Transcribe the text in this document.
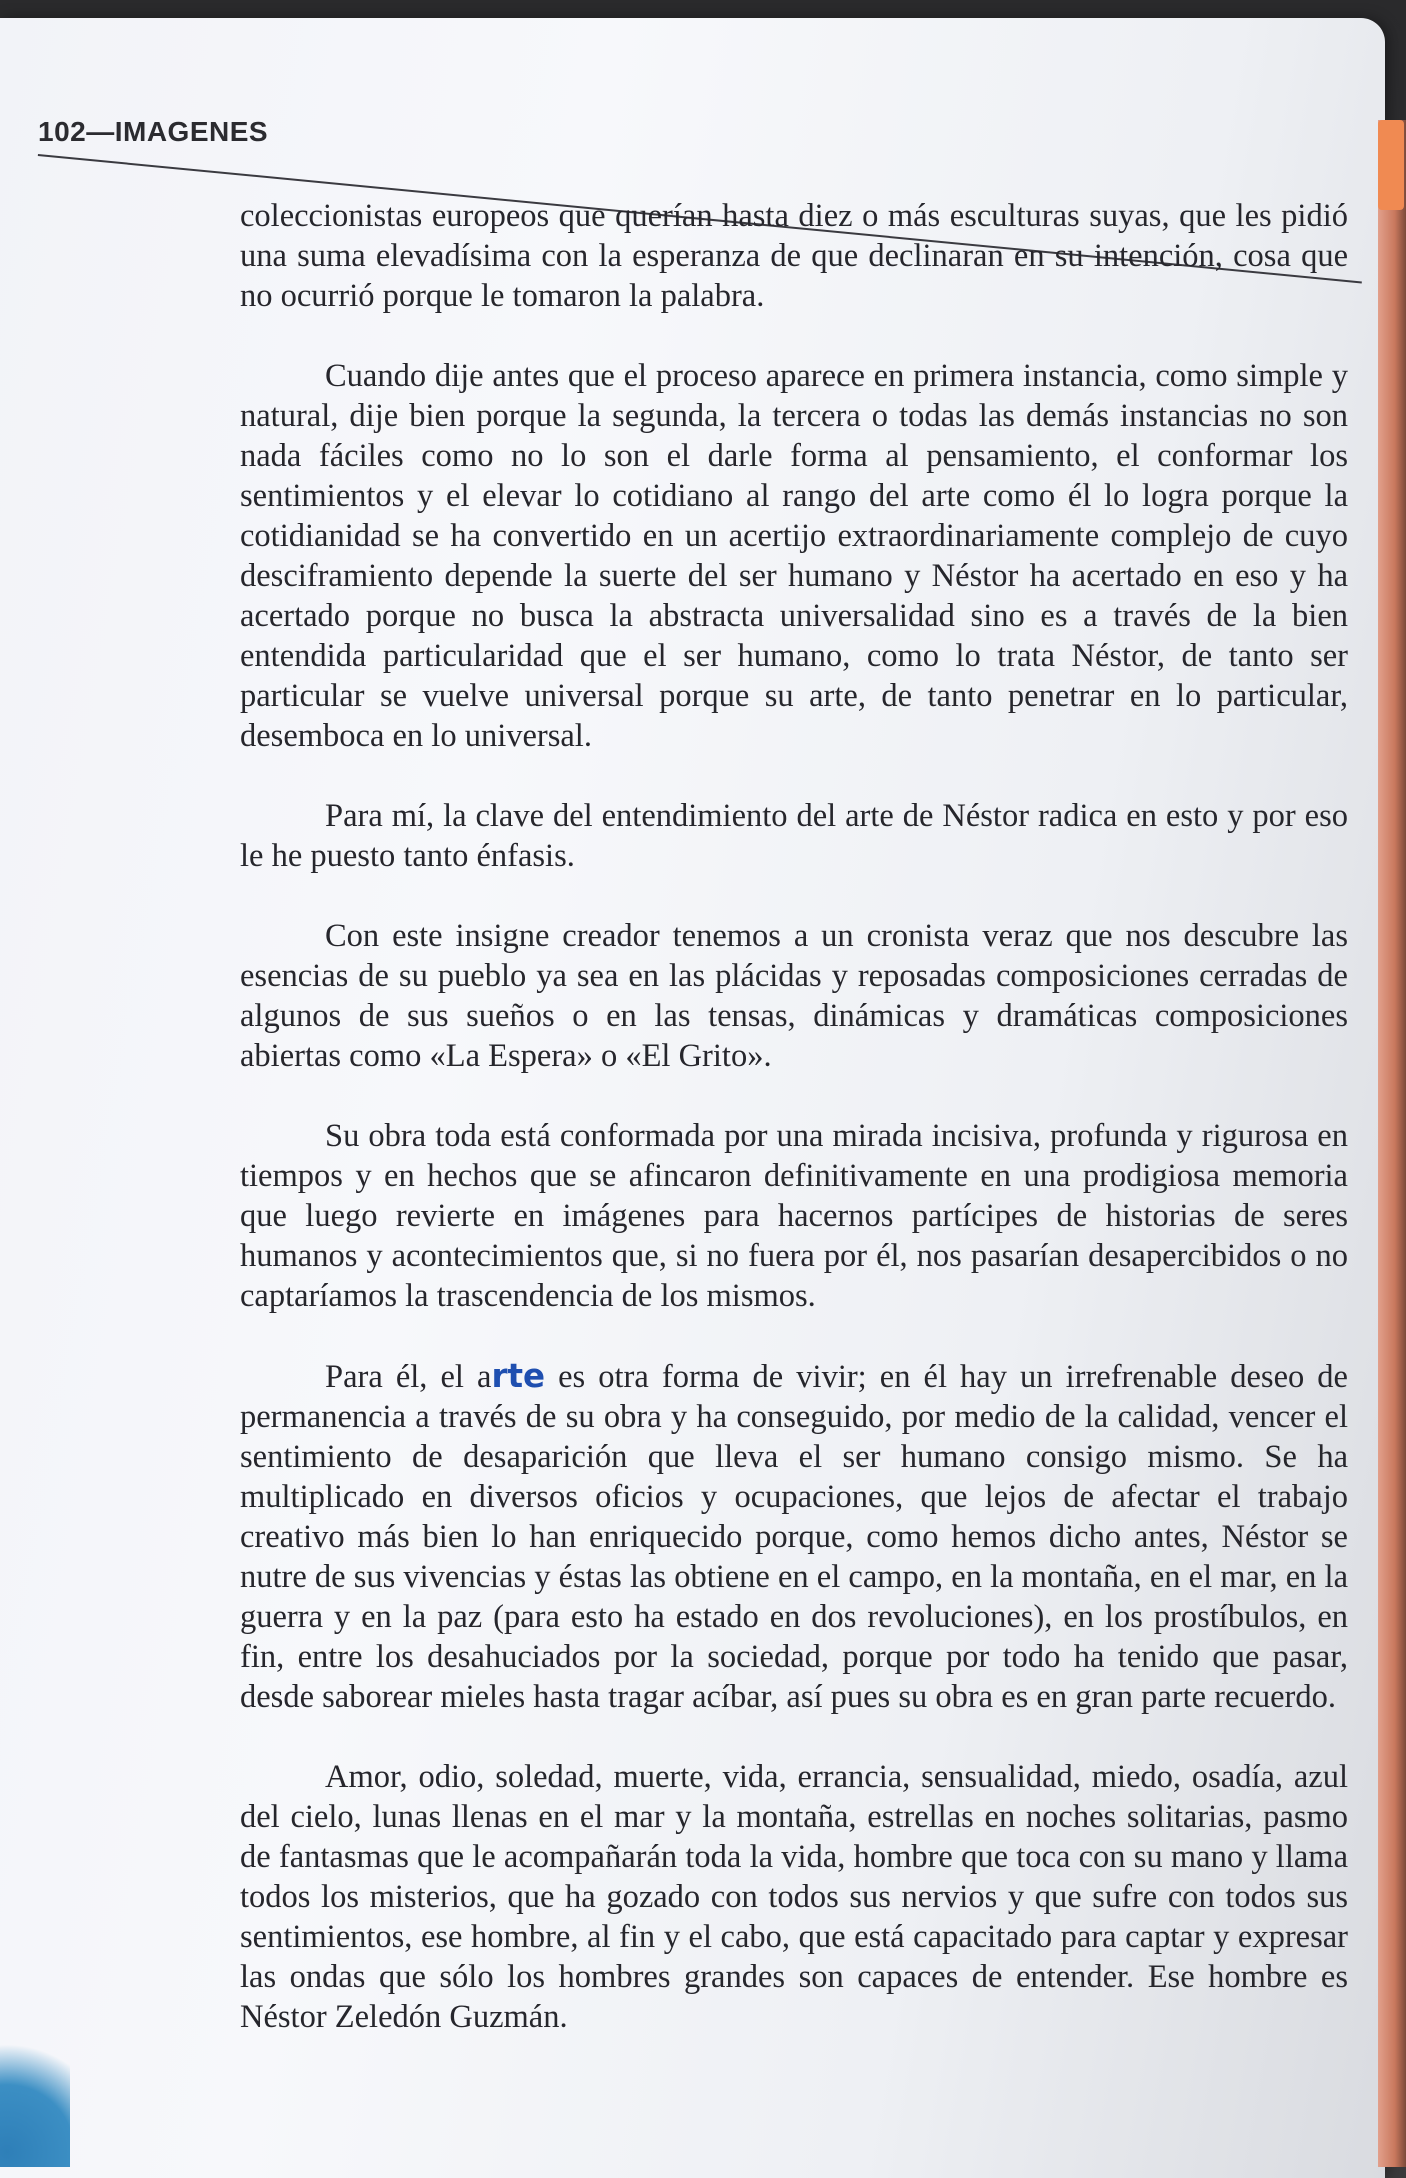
102—IMAGENES

coleccionistas europeos que querían hasta diez o más esculturas suyas, que les pidió una suma elevadísima con la esperanza de que declinaran en su intención, cosa que no ocurrió porque le tomaron la palabra.

Cuando dije antes que el proceso aparece en primera instancia, como simple y natural, dije bien porque la segunda, la tercera o todas las demás instancias no son nada fáciles como no lo son el darle forma al pensamiento, el conformar los sentimientos y el elevar lo cotidiano al rango del arte como él lo logra porque la cotidianidad se ha convertido en un acertijo extraordinariamente complejo de cuyo desciframiento depende la suerte del ser humano y Néstor ha acertado en eso y ha acertado porque no busca la abstracta universalidad sino es a través de la bien entendida particularidad que el ser humano, como lo trata Néstor, de tanto ser particular se vuelve universal porque su arte, de tanto penetrar en lo particular, desemboca en lo universal.

Para mí, la clave del entendimiento del arte de Néstor radica en esto y por eso le he puesto tanto énfasis.

Con este insigne creador tenemos a un cronista veraz que nos descubre las esencias de su pueblo ya sea en las plácidas y reposadas composiciones cerradas de algunos de sus sueños o en las tensas, dinámicas y dramáticas composiciones abiertas como «La Espera» o «El Grito».

Su obra toda está conformada por una mirada incisiva, profunda y rigurosa en tiempos y en hechos que se afincaron definitivamente en una prodigiosa memoria que luego revierte en imágenes para hacernos partícipes de historias de seres humanos y acontecimientos que, si no fuera por él, nos pasarían desapercibidos o no captaríamos la trascendencia de los mismos.

Para él, el arte es otra forma de vivir; en él hay un irrefrenable deseo de permanencia a través de su obra y ha conseguido, por medio de la calidad, vencer el sentimiento de desaparición que lleva el ser humano consigo mismo. Se ha multiplicado en diversos oficios y ocupaciones, que lejos de afectar el trabajo creativo más bien lo han enriquecido porque, como hemos dicho antes, Néstor se nutre de sus vivencias y éstas las obtiene en el campo, en la montaña, en el mar, en la guerra y en la paz (para esto ha estado en dos revoluciones), en los prostíbulos, en fin, entre los desahuciados por la sociedad, porque por todo ha tenido que pasar, desde saborear mieles hasta tragar acíbar, así pues su obra es en gran parte recuerdo.

Amor, odio, soledad, muerte, vida, errancia, sensualidad, miedo, osadía, azul del cielo, lunas llenas en el mar y la montaña, estrellas en noches solitarias, pasmo de fantasmas que le acompañarán toda la vida, hombre que toca con su mano y llama todos los misterios, que ha gozado con todos sus nervios y que sufre con todos sus sentimientos, ese hombre, al fin y el cabo, que está capacitado para captar y expresar las ondas que sólo los hombres grandes son capaces de entender. Ese hombre es Néstor Zeledón Guzmán.
